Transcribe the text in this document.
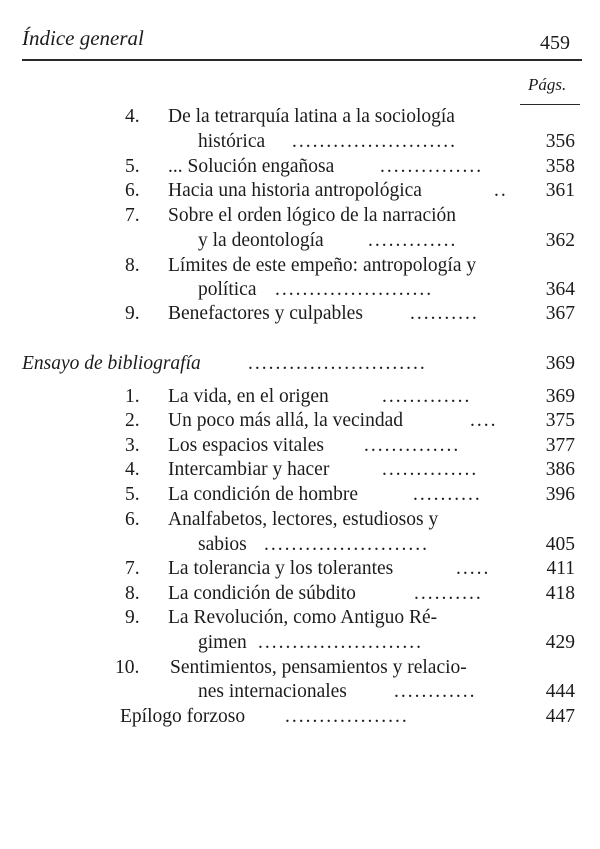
Índice general	459
Págs.
4. De la tetrarquía latina a la sociología
histórica ........................	356
5. ... Solución engañosa ...............	358
6. Hacia una historia antropológica	..	361
7. Sobre el orden lógico de la narración
y la deontología .............	362
8. Límites de este empeño: antropología y
política .......................	364
9. Benefactores y culpables ..........	367
Ensayo de bibliografía ..........................	369
1. La vida, en el origen	.............	369
2. Un poco más allá, la vecindad	....	375
3. Los espacios vitales ..............	377
4. Intercambiar y hacer	..............	386
5. La condición de hombre	..........	396
6. Analfabetos, lectores, estudiosos y
sabios ........................	405
7. La tolerancia y los tolerantes	.....	411
8. La condición de súbdito	..........	418
9. La Revolución, como Antiguo Ré-
gimen ........................	429
10. Sentimientos, pensamientos y relacio-
nes internacionales ............	444
Epílogo forzoso ..................	447
